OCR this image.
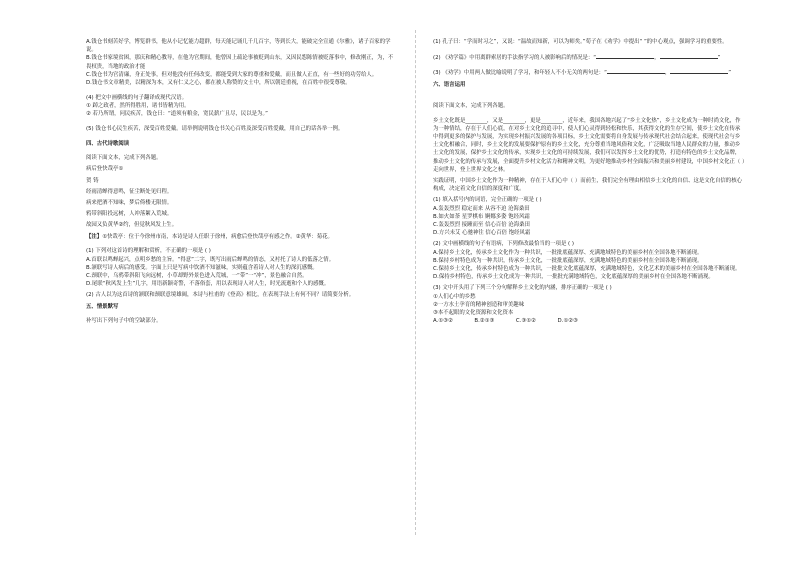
A.钱仓书刻苦好学，博览群书，他从小记忆能力超群，每天能记诵几千几百字，等到长大，能破完全宣通《尔雅》，诸子百家的学说。
B.钱仓书家境贫困，那庆和精心教导，在他为官期间，他曾因上疏论事被贬到山东，又因民怨陈情被贬落事中，修改刚正，为，不畏权贵，当地的政治才能
C.钱仓书为官清廉，身正处事，但对他没有任何改变，都能受到大家的尊重和爱戴，而且做人正直，有一些好的功劳给人。
D.钱仓书文章精美，以精深为本，又有仁义之心，都在被人称赞的文士中，所以朝廷重视，在百姓中很受尊敬。
(4) 把文中画横线的句子翻译成现代汉语。
① 踔之政者，然所得胜用，诸书皆精为用。
② 若乃所谓，问民疾苦，钱仓曰：“道须有粮金，宽民薪广且尽，民以是为。”
(5) 钱仓书心民生疾苦，深受百姓爱戴。请举例说明钱仓书关心百姓及深受百姓爱戴，用自己的话各举一例。
四、古代诗歌阅读
阅读下面文本，完成下列各题。
病后登快哉亭①
贺 铸
经雨清蝉得意鸣，征尘断处见归程。
病来把酒不知味，梦后倚楼无限情。
鸦带斜阳投远树，人冲落絮入荒城。
故园又负黄华②约，但觉秋风发上生。
【注】①快哉亭：位于今徐州市南，本诗是诗人任职于徐州，病愈后登快哉亭有感之作。②黄华：菊花。
(1) 下列对这首诗的理解和赏析，不正确的一项是 ( )
A.首联以鸣蝉起兴，点明乡愁的主旨。“得意”二字，既写出雨后蝉鸣的情态，又衬托了诗人的低落之情。
B.颔联写诗人病后的感受。字面上只是写病中饮酒不知滋味，实则蕴含着诗人对人生的深沉感慨。
C.颈联中，乌鸦带斜阳飞向远树，小草却野外景色进入荒城，一“带”一“冲”，景色融合自然。
D.尾联“秋风发上生”几字，用语新颖奇警，不落俗套，用以表现诗人对人生，时光流逝和个人的感慨。
(2) 古人以为这首诗的颔联和颈联意境雄阔，本诗与杜甫的《登高》相比，在表现手法上有何不同？请简要分析。
五、情景默写
补写出下列句子中的空缺部分。
(1) 孔子曰：“学而时习之”，又说：“温故而知新，可以为师矣。”荀子在《劝学》中提出“ ”的中心观点，强调学习的重要性。
(2) 《劝学篇》中用离群索居的手法指学习的人被影响后的情况是：“	，	”
(3) 《劝学》中用两人做比喻说明了学习，和年轻人不小无关的两句是：“	，	”
六、语言运用
阅读下面文本，完成下列各题。
乡土文化既是________，又是________，更是________，近年来，我国各地兴起了“乡土文化热”，乡土文化成为一种时尚文化，作为一种情结，存在于人们心底，在对乡土文化的追寻中，使人们心灵得到轻松和快乐，其获得文化的生存空间，使乡土文化在传承中得到更多的保护与发展，为实现乡村振兴发展的各项目标，乡土文化需要将自身发展与传承现代社会结合起来，使现代社会与乡土文化相融合，同时，乡土文化的发展要保护原有的乡土文化，充分尊重当地风俗和文化，广泛吸取当地人民群众的力量，推动乡土文化的发展，保护乡土文化的传承，实现乡土文化的可持续发展，我们可以发挥乡土文化的优势，打造有特色的乡土文化品牌，推动乡土文化的传承与发展，全面提升乡村文化活力和精神文明，为更好地推动乡村全面振兴和美丽乡村建设，中国乡村文化正（ ）走向世界，登上世界文化之林。
实践证明，中国乡土文化作为一种精神，存在于人们心中（ ）而前生，我们完全有理由相信乡土文化的自信、这是文化自信的核心构成，决定着文化自信的深度和广度。
(1) 填入括号内的词语，完全正确的一项是 ( )
A.轰轰烈烈 稳定而来 从容不迫 沧海桑田
B.如火如荼 星罗棋布 婀娜多姿 饱经风霜
C.轰轰烈烈 接踵而至 信心百倍 沧海桑田
D.方兴未艾 心驰神往 信心百倍 饱经风霜
(2) 文中画横线的句子有语病，下列修改最恰当的一项是 ( )
A.保持乡土文化，传承乡土文化作为一种共识，一批批底蕴深厚、充满地域特色的美丽乡村在全国各地不断涌现。
B.保持乡村特色成为一种共识，传承乡土文化，一批批底蕴深厚，充满地域特色的美丽乡村在全国各地不断涌现。
C.保持乡土文化，传承乡村特色成为一种共识，一批批文化底蕴深厚，充满地域特色，文化艺术的美丽乡村在全国各地不断涌现。
D.保持乡村特色，传承乡土文化成为一种共识，一批批充满地域特色，文化底蕴深厚的美丽乡村在全国各地不断涌现。
(3) 文中开头用了下列三个分句解释乡土文化的内涵，排序正确的一项是 ( )
①人们心中的乡愁
②一方水土孕育的精神创造和审美趣味
③本不起眼的文化资源和文化资本
A.①③②　　　　	B.②①③　　　　	C.③①②　　　　	D.①②③
